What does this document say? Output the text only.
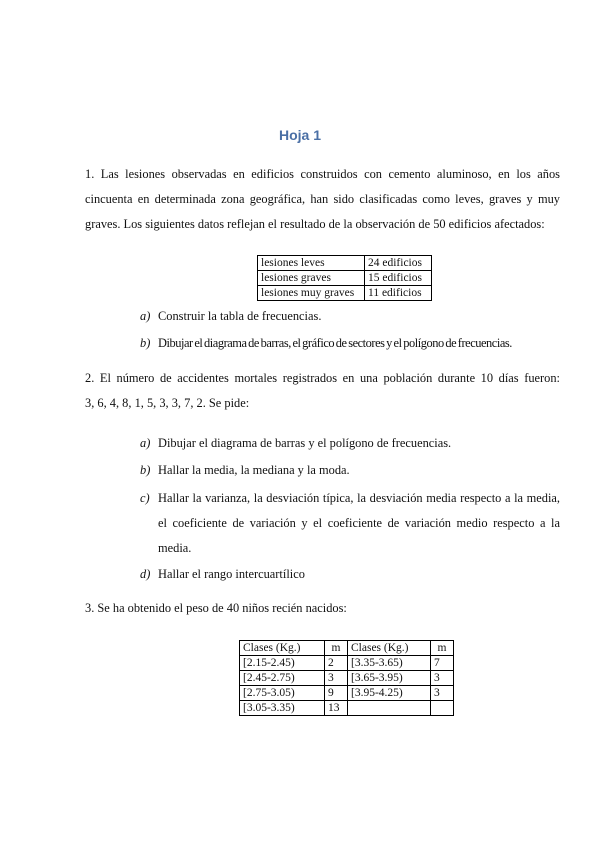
Hoja 1
1. Las lesiones observadas en edificios construidos con cemento aluminoso, en los años
cincuenta en determinada zona geográfica, han sido clasificadas como leves, graves y muy
graves. Los siguientes datos reflejan el resultado de la observación de 50 edificios afectados:
lesiones leves	24 edificios
lesiones graves	15 edificios
lesiones muy graves	11 edificios
a) Construir la tabla de frecuencias.
b) Dibujar el diagrama de barras, el gráfico de sectores y el polígono de frecuencias.
2. El número de accidentes mortales registrados en una población durante 10 días fueron:
3, 6, 4, 8, 1, 5, 3, 3, 7, 2. Se pide:
a) Dibujar el diagrama de barras y el polígono de frecuencias.
b) Hallar la media, la mediana y la moda.
c) Hallar la varianza, la desviación típica, la desviación media respecto a la media,
el coeficiente de variación y el coeficiente de variación medio respecto a la
media.
d) Hallar el rango intercuartílico
3. Se ha obtenido el peso de 40 niños recién nacidos:
Clases (Kg.)	m	Clases (Kg.)	m
[2.15-2.45)	2	[3.35-3.65)	7
[2.45-2.75)	3	[3.65-3.95)	3
[2.75-3.05)	9	[3.95-4.25)	3
[3.05-3.35)	13		
